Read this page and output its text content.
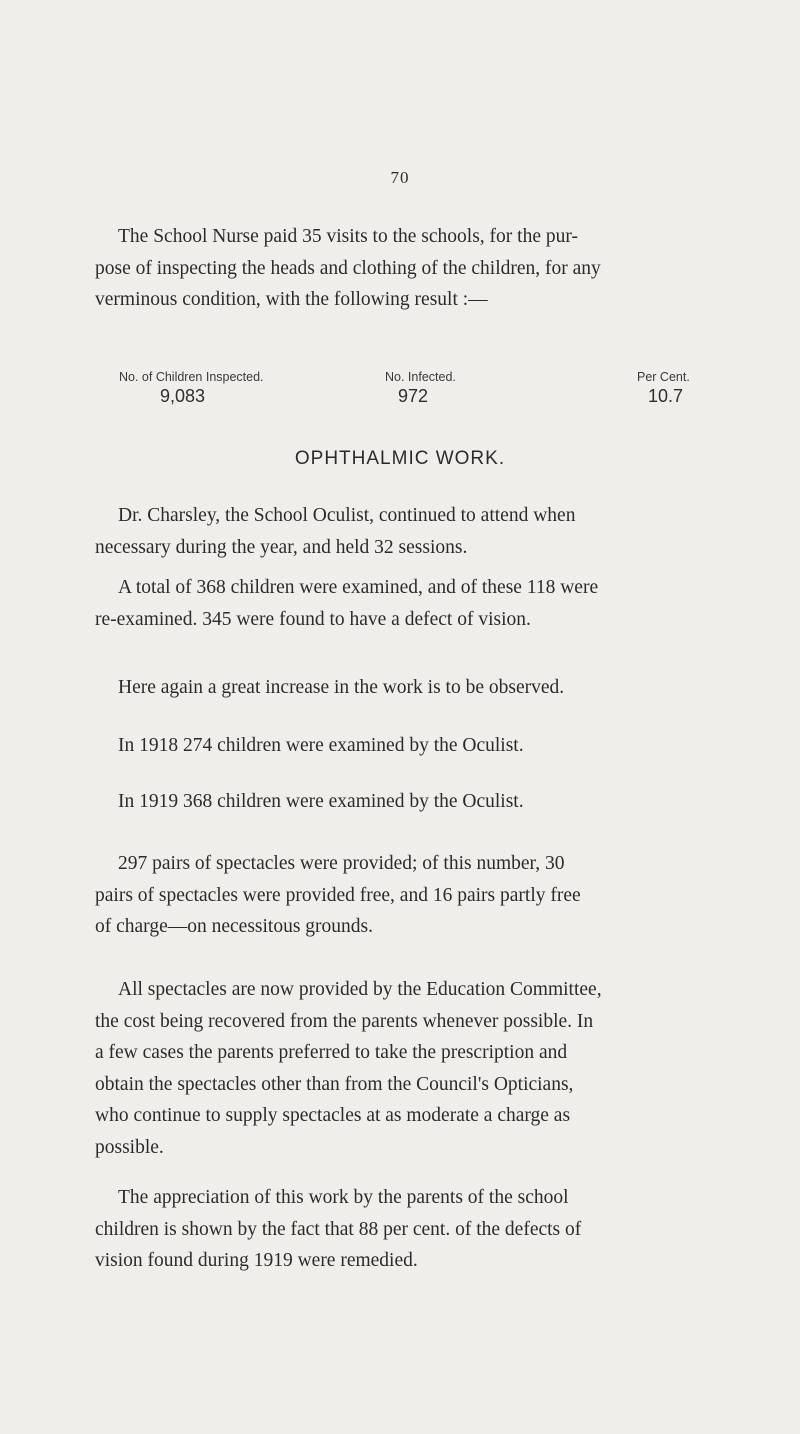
70
The School Nurse paid 35 visits to the schools, for the pur-
pose of inspecting the heads and clothing of the children, for any
verminous condition, with the following result :—
No. of Children Inspected.	No. Infected.	Per Cent.
9,083	972	10.7
OPHTHALMIC WORK.
Dr. Charsley, the School Oculist, continued to attend when
necessary during the year, and held 32 sessions.
A total of 368 children were examined, and of these 118 were
re-examined. 345 were found to have a defect of vision.
Here again a great increase in the work is to be observed.
In 1918 274 children were examined by the Oculist.
In 1919 368 children were examined by the Oculist.
297 pairs of spectacles were provided; of this number, 30
pairs of spectacles were provided free, and 16 pairs partly free
of charge—on necessitous grounds.
All spectacles are now provided by the Education Committee,
the cost being recovered from the parents whenever possible. In
a few cases the parents preferred to take the prescription and
obtain the spectacles other than from the Council's Opticians,
who continue to supply spectacles at as moderate a charge as
possible.
The appreciation of this work by the parents of the school
children is shown by the fact that 88 per cent. of the defects of
vision found during 1919 were remedied.
